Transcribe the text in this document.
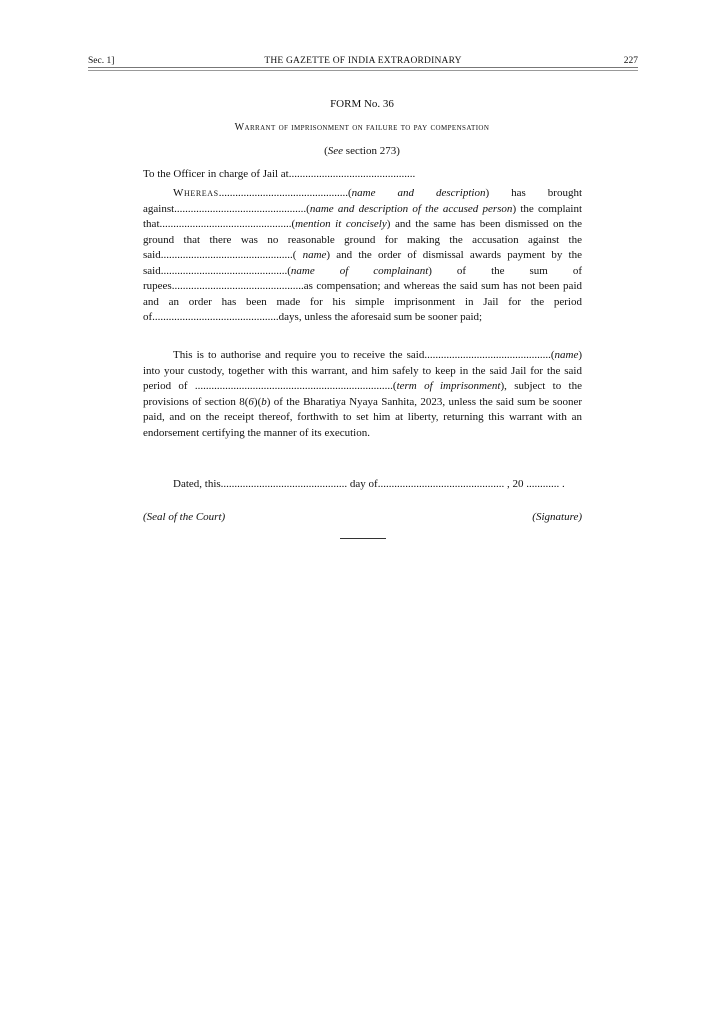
Sec. 1]	THE GAZETTE OF INDIA EXTRAORDINARY	227
FORM No. 36
Warrant of imprisonment on failure to pay compensation
(See section 273)
To the Officer in charge of Jail at..............................................
Whereas...............................................(name and description) has brought against................................................(name and description of the accused person) the complaint that................................................(mention it concisely) and the same has been dismissed on the ground that there was no reasonable ground for making the accusation against the said................................................( name) and the order of dismissal awards payment by the said..............................................(name of complainant) of the sum of rupees................................................as compensation; and whereas the said sum has not been paid and an order has been made for his simple imprisonment in Jail for the period of..............................................days, unless the aforesaid sum be sooner paid;
This is to authorise and require you to receive the said..............................................(name) into your custody, together with this warrant, and him safely to keep in the said Jail for the said period of ........................................................................(term of imprisonment), subject to the provisions of section 8(6)(b) of the Bharatiya Nyaya Sanhita, 2023, unless the said sum be sooner paid, and on the receipt thereof, forthwith to set him at liberty, returning this warrant with an endorsement certifying the manner of its execution.
Dated, this.............................................. day of.............................................. , 20 ............ .
(Seal of the Court)	(Signature)
